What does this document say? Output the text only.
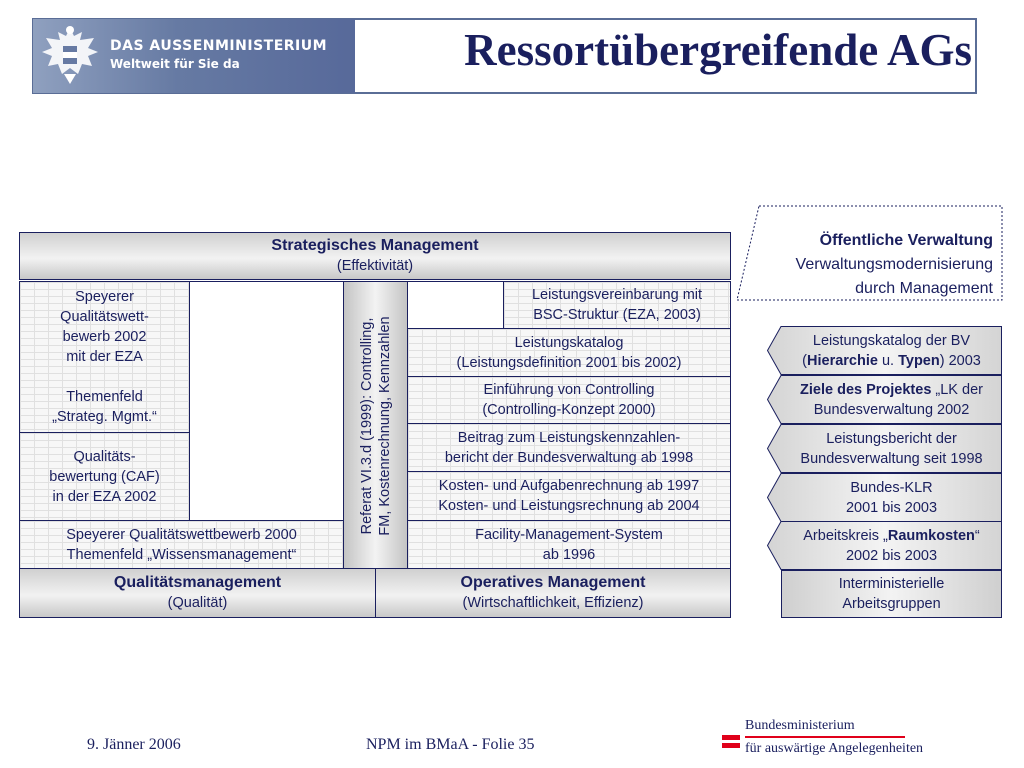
DAS AUSSENMINISTERIUM
Weltweit für Sie da	Ressortübergreifende AGs
Strategisches Management
(Effektivität)
Speyerer
Qualitätswett-
bewerb 2002
mit der EZA
Themenfeld
„Strateg. Mgmt.“
Qualitäts-
bewertung (CAF)
in der EZA 2002
Speyerer Qualitätswettbewerb 2000
Themenfeld „Wissensmanagement“
Referat VI.3.d (1999): Controlling, FM, Kostenrechnung, Kennzahlen
Leistungsvereinbarung mit
BSC-Struktur (EZA, 2003)
Leistungskatalog
(Leistungsdefinition 2001 bis 2002)
Einführung von Controlling
(Controlling-Konzept 2000)
Beitrag zum Leistungskennzahlen-
bericht der Bundesverwaltung ab 1998
Kosten- und Aufgabenrechnung ab 1997
Kosten- und Leistungsrechnung ab 2004
Facility-Management-System
ab 1996
Qualitätsmanagement
(Qualität)
Operatives Management
(Wirtschaftlichkeit, Effizienz)
Öffentliche Verwaltung
Verwaltungsmodernisierung
durch Management
Leistungskatalog der BV
(Hierarchie u. Typen) 2003
Ziele des Projektes „LK der
Bundesverwaltung 2002
Leistungsbericht der
Bundesverwaltung seit 1998
Bundes-KLR
2001 bis 2003
Arbeitskreis „Raumkosten“
2002 bis 2003
Interministerielle
Arbeitsgruppen
9. Jänner 2006	NPM im BMaA - Folie 35
Bundesministerium
für auswärtige Angelegenheiten
